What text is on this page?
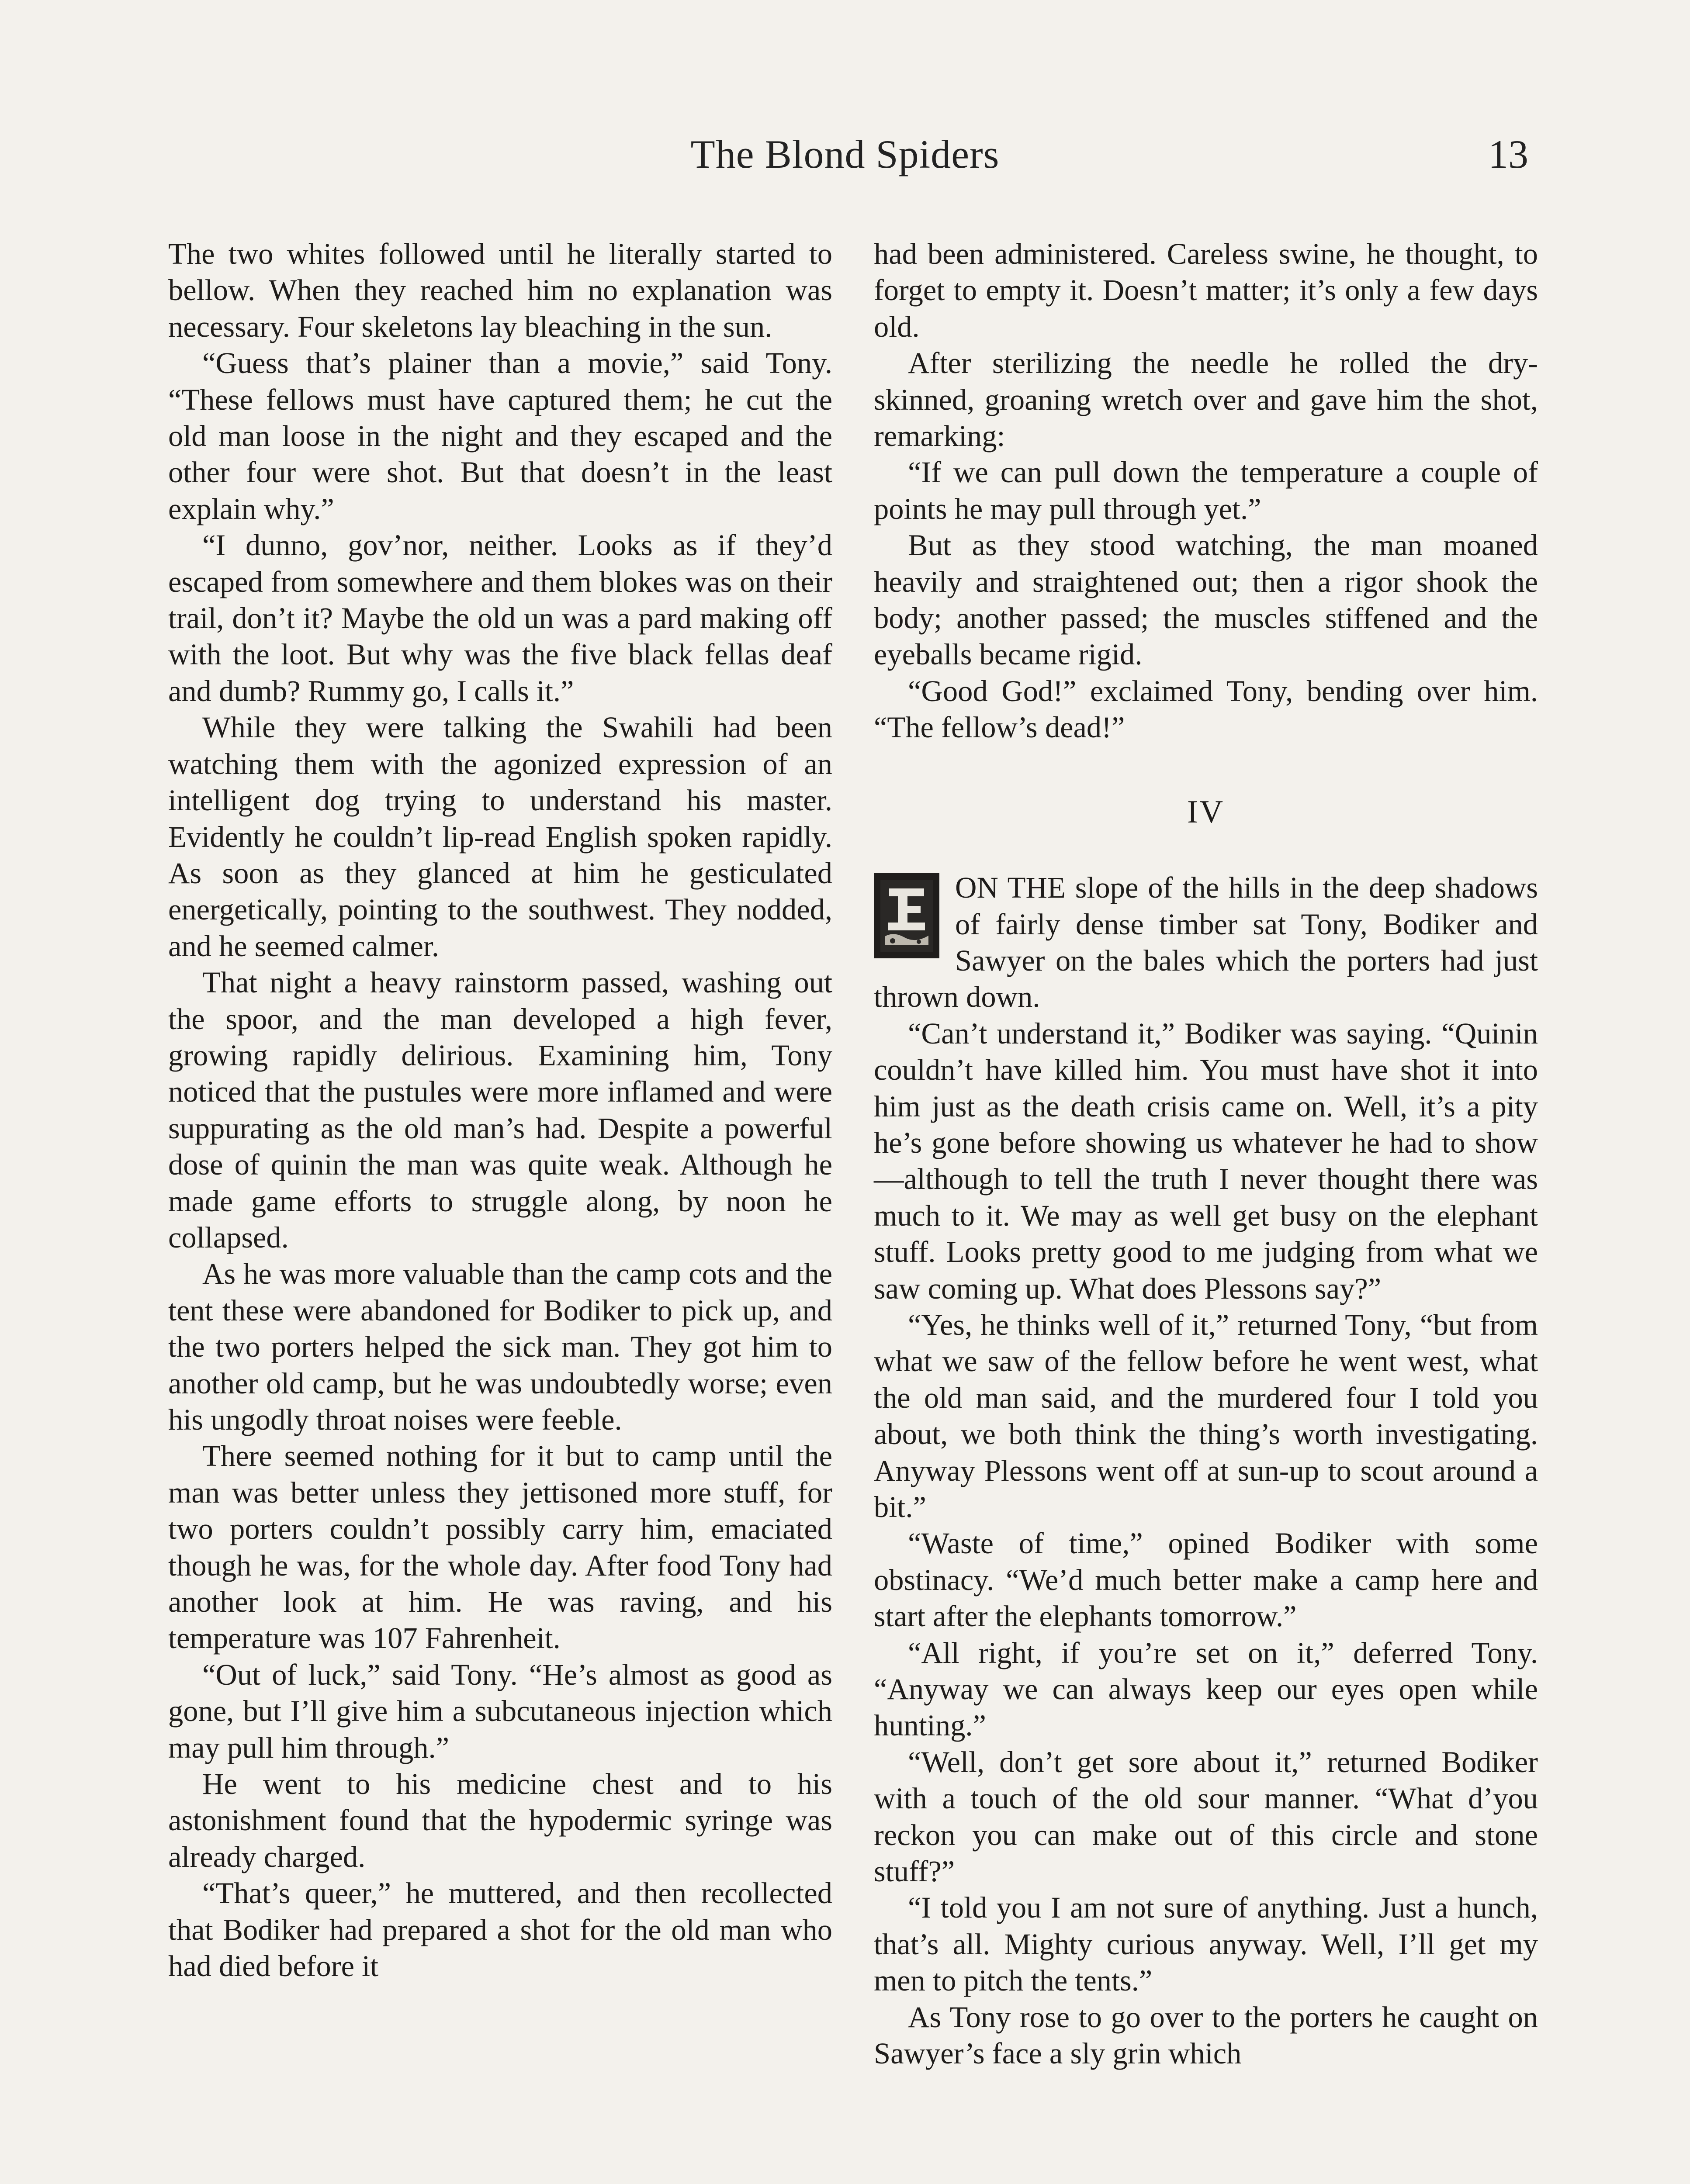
The Blond Spiders	13

The two whites followed until he literally started to bellow. When they reached him no explanation was necessary. Four skeletons lay bleaching in the sun.

“Guess that’s plainer than a movie,” said Tony. “These fellows must have captured them; he cut the old man loose in the night and they escaped and the other four were shot. But that doesn’t in the least explain why.”

“I dunno, gov’nor, neither. Looks as if they’d escaped from somewhere and them blokes was on their trail, don’t it? Maybe the old un was a pard making off with the loot. But why was the five black fellas deaf and dumb? Rummy go, I calls it.”

While they were talking the Swahili had been watching them with the agonized expression of an intelligent dog trying to understand his master. Evidently he couldn’t lip-read English spoken rapidly. As soon as they glanced at him he gesticulated energetically, pointing to the southwest. They nodded, and he seemed calmer.

That night a heavy rainstorm passed, washing out the spoor, and the man developed a high fever, growing rapidly delirious. Examining him, Tony noticed that the pustules were more inflamed and were suppurating as the old man’s had. Despite a powerful dose of quinin the man was quite weak. Although he made game efforts to struggle along, by noon he collapsed.

As he was more valuable than the camp cots and the tent these were abandoned for Bodiker to pick up, and the two porters helped the sick man. They got him to another old camp, but he was undoubtedly worse; even his ungodly throat noises were feeble.

There seemed nothing for it but to camp until the man was better unless they jettisoned more stuff, for two porters couldn’t possibly carry him, emaciated though he was, for the whole day. After food Tony had another look at him. He was raving, and his temperature was 107 Fahrenheit.

“Out of luck,” said Tony. “He’s almost as good as gone, but I’ll give him a subcutaneous injection which may pull him through.”

He went to his medicine chest and to his astonishment found that the hypodermic syringe was already charged.

“That’s queer,” he muttered, and then recollected that Bodiker had prepared a shot for the old man who had died before it

had been administered. Careless swine, he thought, to forget to empty it. Doesn’t matter; it’s only a few days old.

After sterilizing the needle he rolled the dry-skinned, groaning wretch over and gave him the shot, remarking:

“If we can pull down the temperature a couple of points he may pull through yet.”

But as they stood watching, the man moaned heavily and straightened out; then a rigor shook the body; another passed; the muscles stiffened and the eyeballs became rigid.

“Good God!” exclaimed Tony, bending over him. “The fellow’s dead!”

IV

ON THE slope of the hills in the deep shadows of fairly dense timber sat Tony, Bodiker and Sawyer on the bales which the porters had just thrown down.

“Can’t understand it,” Bodiker was saying. “Quinin couldn’t have killed him. You must have shot it into him just as the death crisis came on. Well, it’s a pity he’s gone before showing us whatever he had to show—although to tell the truth I never thought there was much to it. We may as well get busy on the elephant stuff. Looks pretty good to me judging from what we saw coming up. What does Plessons say?”

“Yes, he thinks well of it,” returned Tony, “but from what we saw of the fellow before he went west, what the old man said, and the murdered four I told you about, we both think the thing’s worth investigating. Anyway Plessons went off at sun-up to scout around a bit.”

“Waste of time,” opined Bodiker with some obstinacy. “We’d much better make a camp here and start after the elephants tomorrow.”

“All right, if you’re set on it,” deferred Tony. “Anyway we can always keep our eyes open while hunting.”

“Well, don’t get sore about it,” returned Bodiker with a touch of the old sour manner. “What d’you reckon you can make out of this circle and stone stuff?”

“I told you I am not sure of anything. Just a hunch, that’s all. Mighty curious anyway. Well, I’ll get my men to pitch the tents.”

As Tony rose to go over to the porters he caught on Sawyer’s face a sly grin which
